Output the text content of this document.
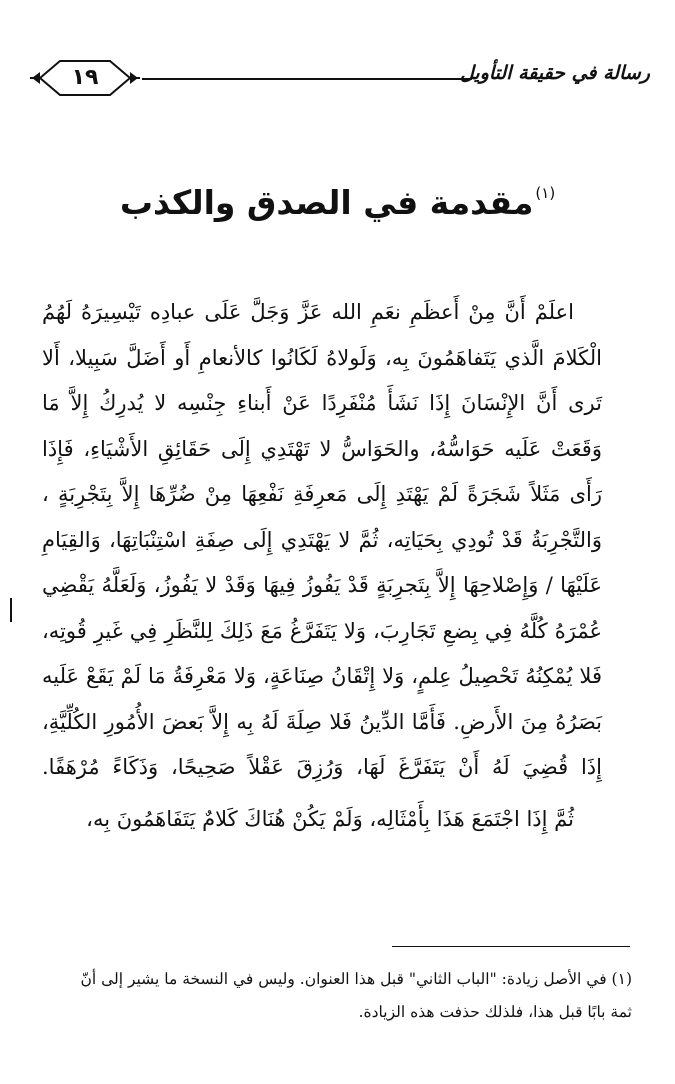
رسالة في حقيقة التأويل
١٩
$^{(١)}$مقدمة في الصدق والكذب

اعلَمْ أَنَّ مِنْ أَعظَمِ نعَمِ الله عَزَّ وَجَلَّ عَلَى عبادِه تَيْسِيرَهُ لَهُمُ الْكَلامَ الَّذي يَتَفاهَمُونَ بِه، وَلَولاهُ لَكَانُوا كالأنعامِ أَو أَضَلَّ سَبِيلا، أَلا تَرى أَنَّ الإِنْسَانَ إِذَا نَشَأَ مُنْفَرِدًا عَنْ أَبناءِ جِنْسِه لا يُدرِكُ إِلاَّ مَا وَقَعَتْ عَلَيه حَوَاسُّهُ، والحَوَاسُّ لا تَهْتَدِي إِلَى حَقَائِقِ الأَشْيَاءِ، فَإِذَا رَأَى مَثَلاً شَجَرَةً لَمْ يَهْتَدِ إِلَى مَعرِفَةِ نَفْعِهَا مِنْ ضُرِّهَا إِلاَّ بِتَجْرِبَةٍ ، وَالتَّجْرِبَةُ قَدْ تُودِي بِحَيَاتِه، ثُمَّ لا يَهْتَدِي إِلَى صِفَةِ اسْتِنْبَاتِهَا، وَالقِيَامِ عَلَيْهَا / وَإِصْلاحِهَا إِلاَّ بِتَجرِبَةٍ قَدْ يَفُوزُ فِيهَا وَقَدْ لا يَفُوزُ، وَلَعَلَّهُ يَقْضِي عُمْرَهُ كُلَّهُ فِي بِضعِ تَجَارِبَ، وَلا يَتَفَرَّغُ مَعَ ذَلِكَ لِلنَّظَرِ فِي غَيرِ قُوتِه، فَلا يُمْكِنُهُ تَحْصِيلُ عِلمٍ، وَلا إِتْقَانُ صِنَاعَةٍ، وَلا مَعْرِفَةُ مَا لَمْ يَقَعْ عَلَيه بَصَرُهُ مِنَ الأَرضِ. فَأَمَّا الدِّينُ فَلا صِلَةَ لَهُ بِه إِلاَّ بَعضَ الأُمُورِ الكُلِّيَّةِ، إِذَا قُضِيَ لَهُ أَنْ يَتَفَرَّغَ لَهَا، وَرُزِقَ عَقْلاً صَحِيحًا، وَذَكَاءً مُرْهَفًا.

ثُمَّ إِذَا اجْتَمَعَ هَذَا بِأَمْثَالِه، وَلَمْ يَكُنْ هُنَاكَ كَلامٌ يَتَفَاهَمُونَ بِه،

(١) في الأصل زيادة: "الباب الثاني" قبل هذا العنوان. وليس في النسخة ما يشير إلى أنّ

ثمة بابًا قبل هذا، فلذلك حذفت هذه الزيادة.
